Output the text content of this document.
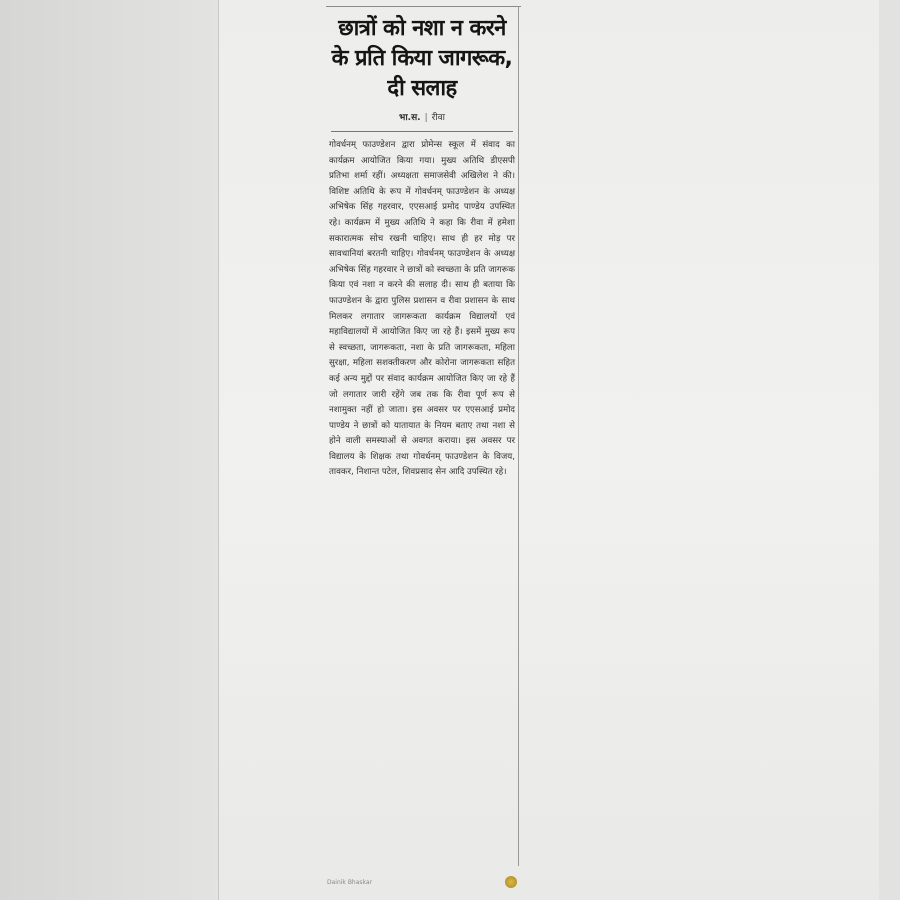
छात्रों को नशा न करने के प्रति किया जागरूक, दी सलाह
भा.स. | रीवा

गोवर्धनम् फाउण्डेशन द्वारा प्रोमेन्स स्कूल में संवाद का कार्यक्रम आयोजित किया गया। मुख्य अतिथि डीएसपी प्रतिभा शर्मा रहीं। अध्यक्षता समाजसेवी अखिलेश ने की। विशिष्ट अतिथि के रूप में गोवर्धनम् फाउण्डेशन के अध्यक्ष अभिषेक सिंह गहरवार, एएसआई प्रमोद पाण्डेय उपस्थित रहे। कार्यक्रम में मुख्य अतिथि ने कहा कि रीवा में हमेशा सकारात्मक सोच रखनी चाहिए। साथ ही हर मोड़ पर सावधानियां बरतनी चाहिए। गोवर्धनम् फाउण्डेशन के अध्यक्ष अभिषेक सिंह गहरवार ने छात्रों को स्वच्छता के प्रति जागरूक किया एवं नशा न करने की सलाह दी। साथ ही बताया कि फाउण्डेशन के द्वारा पुलिस प्रशासन व रीवा प्रशासन के साथ मिलकर लगातार जागरूकता कार्यक्रम विद्यालयों एवं महाविद्यालयों में आयोजित किए जा रहे हैं। इसमें मुख्य रूप से स्वच्छता, जागरूकता, नशा के प्रति जागरूकता, महिला सुरक्षा, महिला सशक्तीकरण और कोरोना जागरूकता सहित कई अन्य मुद्दों पर संवाद कार्यक्रम आयोजित किए जा रहे हैं जो लगातार जारी रहेंगे जब तक कि रीवा पूर्ण रूप से नशामुक्त नहीं हो जाता। इस अवसर पर एएसआई प्रमोद पाण्डेय ने छात्रों को यातायात के नियम बताए तथा नशा से होने वाली समस्याओं से अवगत कराया। इस अवसर पर विद्यालय के शिक्षक तथा गोवर्धनम् फाउण्डेशन के विजय, तावकर, निशान्त पटेल, शिवप्रसाद सेन आदि उपस्थित रहे।

Dainik Bhaskar
